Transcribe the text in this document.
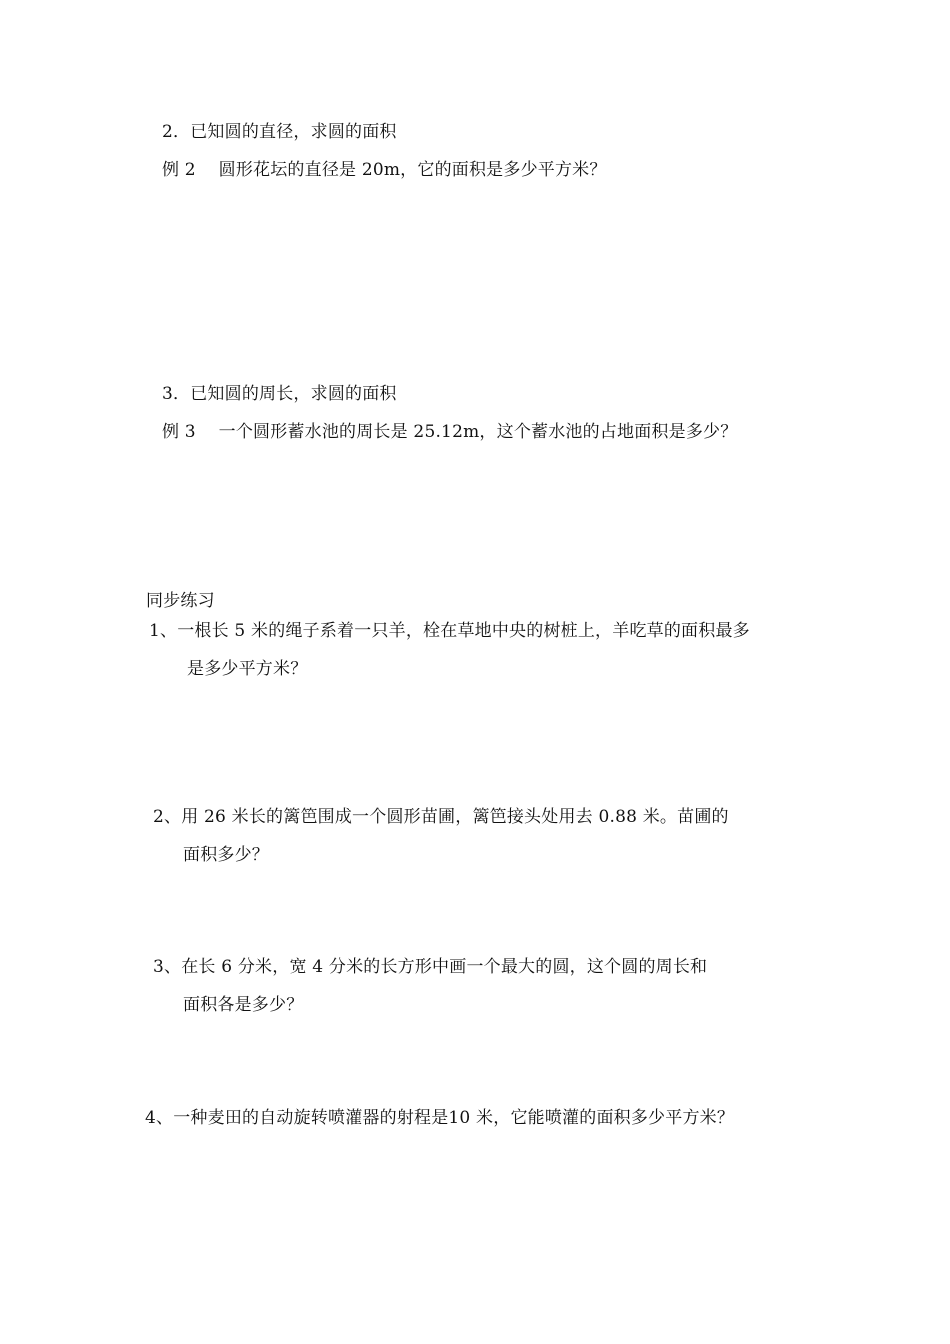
2．已知圆的直径，求圆的面积
例 2　 圆形花坛的直径是 20m，它的面积是多少平方米？
3．已知圆的周长，求圆的面积
例 3　 一个圆形蓄水池的周长是 25.12m，这个蓄水池的占地面积是多少？
同步练习
1、一根长 5 米的绳子系着一只羊，栓在草地中央的树桩上，羊吃草的面积最多
是多少平方米？
2、用 26 米长的篱笆围成一个圆形苗圃，篱笆接头处用去 0.88 米。苗圃的
面积多少？
3、在长 6 分米，宽 4 分米的长方形中画一个最大的圆，这个圆的周长和
面积各是多少？
4、一种麦田的自动旋转喷灌器的射程是10 米，它能喷灌的面积多少平方米？
